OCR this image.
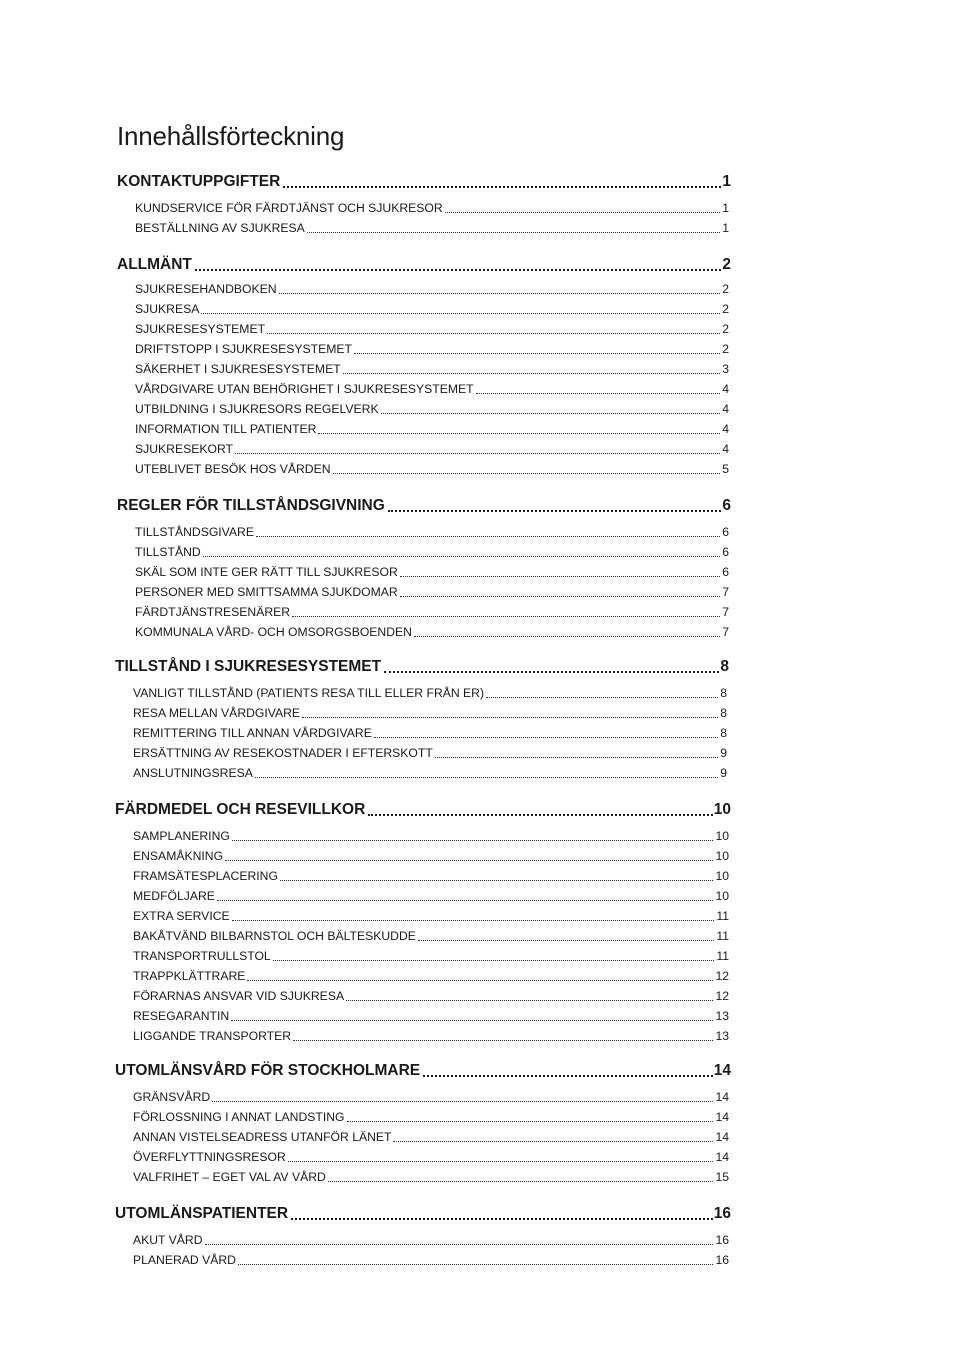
Innehållsförteckning
KONTAKTUPPGIFTER	1
KUNDSERVICE FÖR FÄRDTJÄNST OCH SJUKRESOR	1
BESTÄLLNING AV SJUKRESA	1
ALLMÄNT	2
SJUKRESEHANDBOKEN	2
SJUKRESA	2
SJUKRESESYSTEMET	2
DRIFTSTOPP I SJUKRESESYSTEMET	2
SÄKERHET I SJUKRESESYSTEMET	3
VÅRDGIVARE UTAN BEHÖRIGHET I SJUKRESESYSTEMET	4
UTBILDNING I SJUKRESORS REGELVERK	4
INFORMATION TILL PATIENTER	4
SJUKRESEKORT	4
UTEBLIVET BESÖK HOS VÅRDEN	5
REGLER FÖR TILLSTÅNDSGIVNING	6
TILLSTÅNDSGIVARE	6
TILLSTÅND	6
SKÄL SOM INTE GER RÄTT TILL SJUKRESOR	6
PERSONER MED SMITTSAMMA SJUKDOMAR	7
FÄRDTJÄNSTRESENÄRER	7
KOMMUNALA VÅRD- OCH OMSORGSBOENDEN	7
TILLSTÅND I SJUKRESESYSTEMET	8
VANLIGT TILLSTÅND (PATIENTS RESA TILL ELLER FRÅN ER)	8
RESA MELLAN VÅRDGIVARE	8
REMITTERING TILL ANNAN VÅRDGIVARE	8
ERSÄTTNING AV RESEKOSTNADER I EFTERSKOTT	9
ANSLUTNINGSRESA	9
FÄRDMEDEL OCH RESEVILLKOR	10
SAMPLANERING	10
ENSAMÅKNING	10
FRAMSÄTESPLACERING	10
MEDFÖLJARE	10
EXTRA SERVICE	11
BAKÅTVÄND BILBARNSTOL OCH BÄLTESKUDDE	11
TRANSPORTRULLSTOL	11
TRAPPKLÄTTRARE	12
FÖRARNAS ANSVAR VID SJUKRESA	12
RESEGARANTIN	13
LIGGANDE TRANSPORTER	13
UTOMLÄNSVÅRD FÖR STOCKHOLMARE	14
GRÄNSVÅRD	14
FÖRLOSSNING I ANNAT LANDSTING	14
ANNAN VISTELSEADRESS UTANFÖR LÄNET	14
ÖVERFLYTTNINGSRESOR	14
VALFRIHET – EGET VAL AV VÅRD	15
UTOMLÄNSPATIENTER	16
AKUT VÅRD	16
PLANERAD VÅRD	16
